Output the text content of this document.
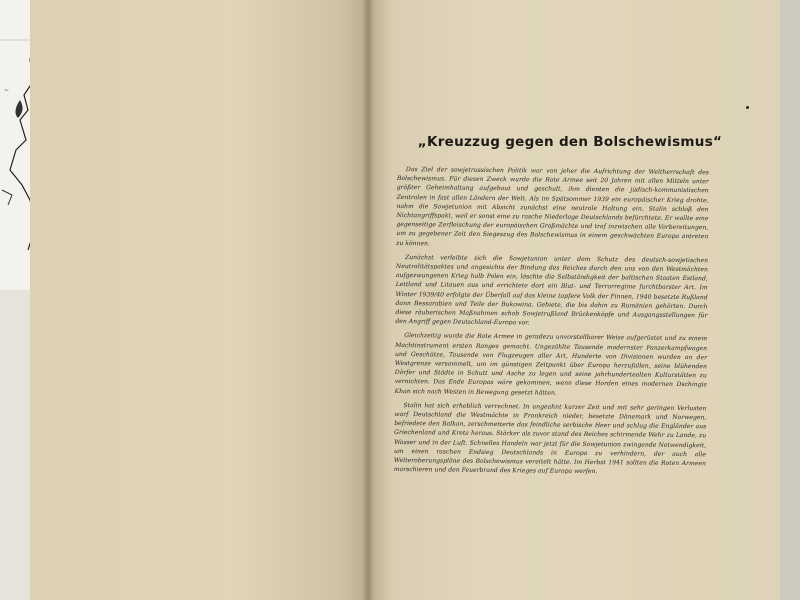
~
„Kreuzzug gegen den Bolschewismus“

Das Ziel der sowjetrussischen Politik war von jeher die Aufrichtung der Weltherrschaft des Bolschewismus. Für diesen Zweck wurde die Rote Armee seit 20 Jahren mit allen Mitteln unter größter Geheimhaltung aufgebaut und geschult, ihm dienten die jüdisch-kommunistischen Zentralen in fast allen Ländern der Welt. Als im Spätsommer 1939 ein europäischer Krieg drohte, nahm die Sowjetunion mit Absicht zunächst eine neutrale Haltung ein. Stalin schloß den Nichtangriffspakt, weil er sonst eine zu rasche Niederlage Deutschlands befürchtete. Er wollte eine gegenseitige Zerfleischung der europäischen Großmächte und traf inzwischen alle Vorbereitungen, um zu gegebener Zeit den Siegeszug des Bolschewismus in einem geschwächten Europa antreten zu können.

Zunächst verleibte sich die Sowjetunion unter dem Schutz des deutsch-sowjetischen Neutralitätspaktes und angesichts der Bindung des Reiches durch den uns von den Westmächten aufgezwungenen Krieg halb Polen ein, löschte die Selbständigkeit der baltischen Staaten Estland, Lettland und Litauen aus und errichtete dort ein Blut- und Terrorregime furchtbarster Art. Im Winter 1939/40 erfolgte der Überfall auf das kleine tapfere Volk der Finnen, 1940 besetzte Rußland dann Bessarabien und Teile der Bukowina, Gebiete, die bis dahin zu Rumänien gehörten. Durch diese räuberischen Maßnahmen schob Sowjetrußland Brückenköpfe und Ausgangsstellungen für den Angriff gegen Deutschland-Europa vor.

Gleichzeitig wurde die Rote Armee in geradezu unvorstellbarer Weise aufgerüstet und zu einem Machtinstrument ersten Ranges gemacht. Ungezählte Tausende modernster Panzerkampfwagen und Geschütze, Tausende von Flugzeugen aller Art, Hunderte von Divisionen wurden an der Westgrenze versammelt, um im günstigen Zeitpunkt über Europa herzufallen, seine blühenden Dörfer und Städte in Schutt und Asche zu legen und seine jahrhundertealten Kulturstätten zu vernichten. Das Ende Europas wäre gekommen, wenn diese Horden eines modernen Dschingis Khan sich nach Westen in Bewegung gesetzt hätten.

Stalin hat sich erheblich verrechnet. In ungeahnt kurzer Zeit und mit sehr geringen Verlusten warf Deutschland die Westmächte in Frankreich nieder, besetzte Dänemark und Norwegen, befriedete den Balkan, zerschmetterte das feindliche serbische Heer und schlug die Engländer aus Griechenland und Kreta heraus. Stärker als zuvor stand des Reiches schirmende Wehr zu Lande, zu Wasser und in der Luft. Schnelles Handeln war jetzt für die Sowjetunion zwingende Notwendigkeit, um einen raschen Endsieg Deutschlands in Europa zu verhindern, der auch alle Welteroberungspläne des Bolschewismus vereitelt hätte. Im Herbst 1941 sollten die Roten Armeen marschieren und den Feuerbrand des Krieges auf Europa werfen.
